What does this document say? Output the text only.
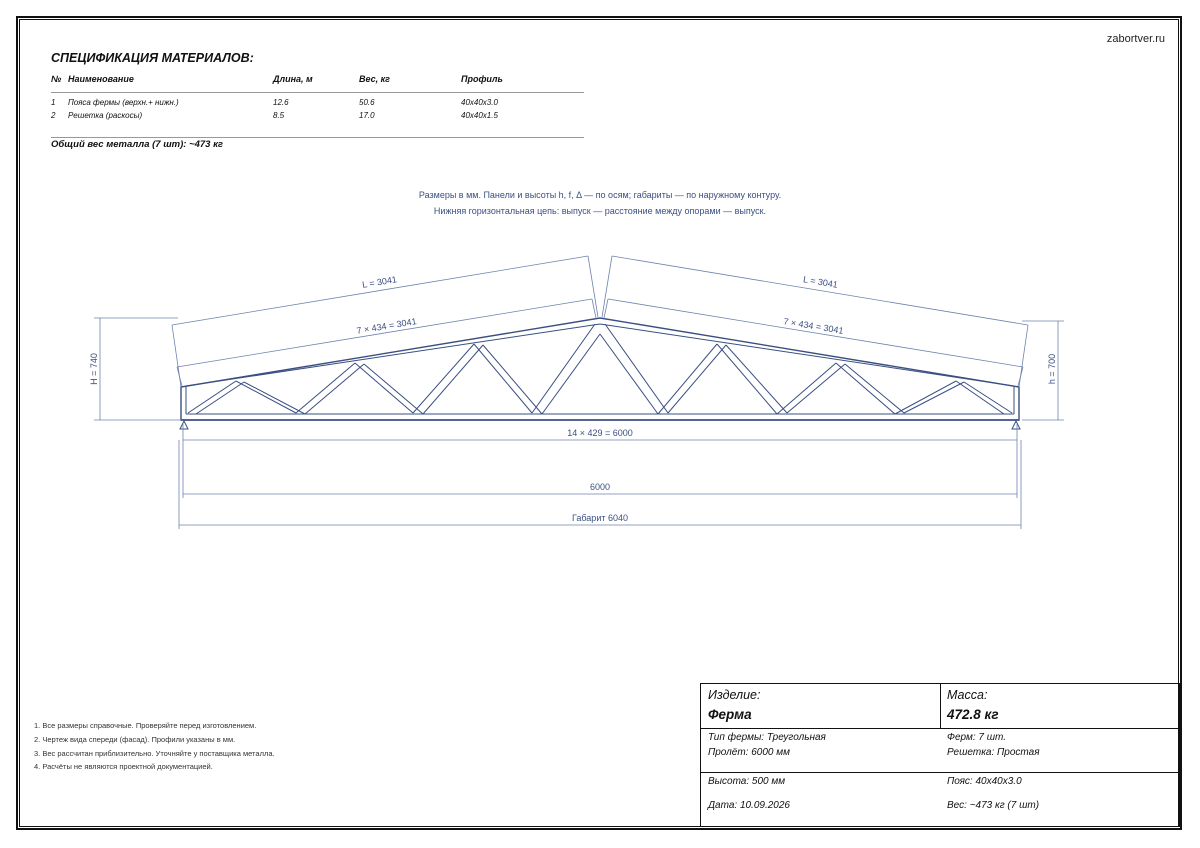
zabortver.ru
СПЕЦИФИКАЦИЯ МАТЕРИАЛОВ:
№ Наименование	Длина, м	Вес, кг	Профиль
1 Пояса фермы (верхн.+ нижн.)	12.6	50.6	40x40x3.0
2 Решетка (раскосы)	8.5	17.0	40x40x1.5
Общий вес металла (7 шт): ~473 кг
Размеры в мм. Панели и высоты h, f, Δ — по осям; габариты — по наружному контуру.
Нижняя горизонтальная цепь: выпуск — расстояние между опорами — выпуск.
L = 3041	L = 3041
7 × 434 = 3041	7 × 434 = 3041
H = 740	h = 700
14 × 429 = 6000
6000
Габарит 6040
1. Все размеры справочные. Проверяйте перед изготовлением.
2. Чертеж вида спереди (фасад). Профили указаны в мм.
3. Вес рассчитан приблизительно. Уточняйте у поставщика металла.
4. Расчёты не являются проектной документацией.
Изделие:
Ферма
Масса:
472.8 кг
Тип фермы: Треугольная
Пролёт: 6000 мм
Ферм: 7 шт.
Решетка: Простая
Высота: 500 мм
Дата: 10.09.2026
Пояс: 40x40x3.0
Вес: ~473 кг (7 шт)
